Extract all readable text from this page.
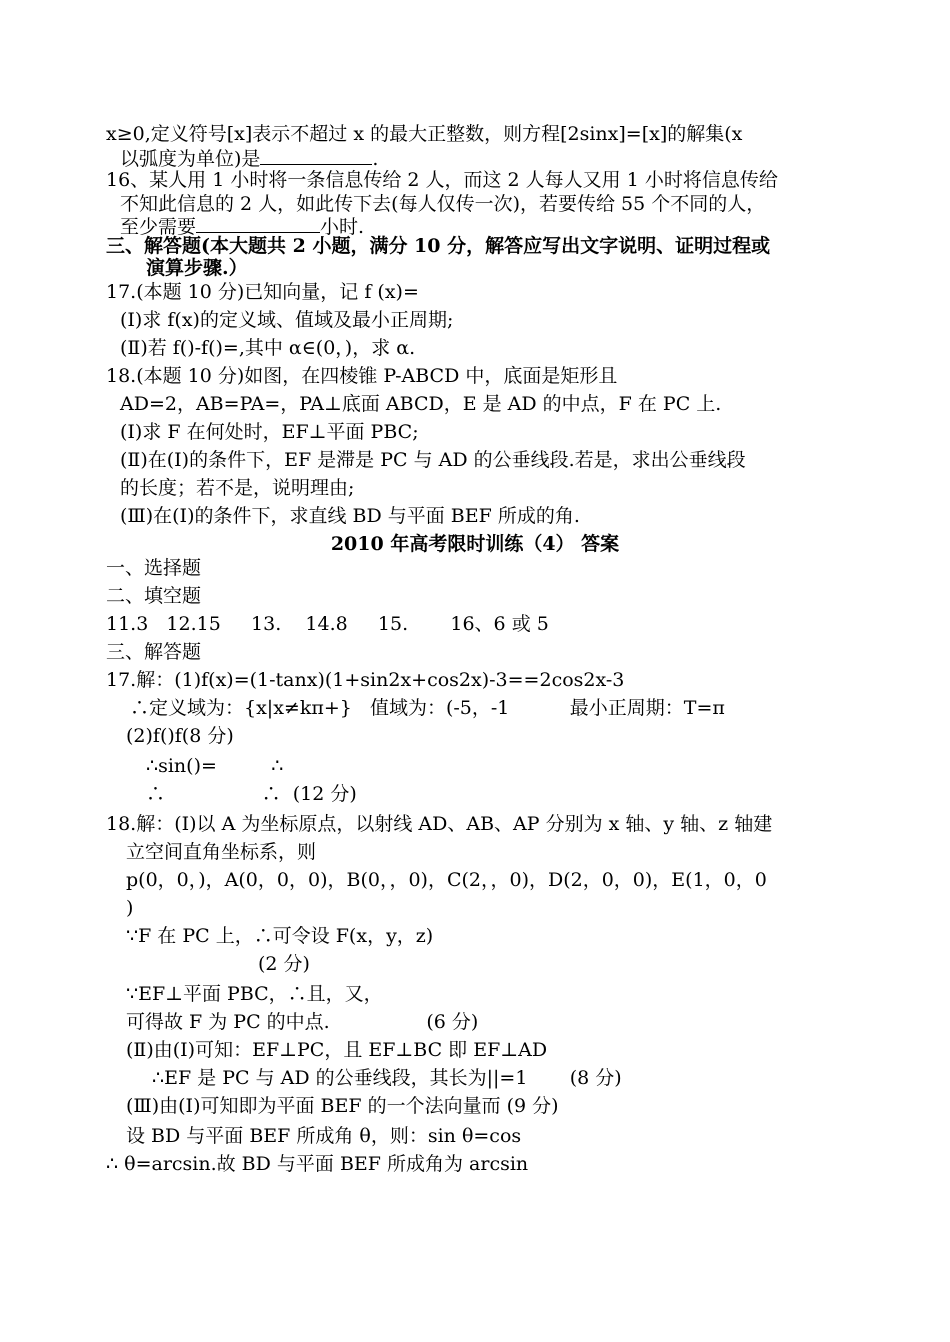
x≥0,定义符号[x]表示不超过 x 的最大正整数，则方程[2sinx]=[x]的解集(x
以弧度为单位)是	.
16、某人用 1 小时将一条信息传给 2 人，而这 2 人每人又用 1 小时将信息传给
不知此信息的 2 人，如此传下去(每人仅传一次)，若要传给 55 个不同的人，
至少需要	小时.
三、解答题(本大题共 2 小题，满分 10 分，解答应写出文字说明、证明过程或
演算步骤.）
17.(本题 10 分)已知向量，记 f (x)=
(Ⅰ)求 f(x)的定义域、值域及最小正周期;
(Ⅱ)若 f()-f()=,其中 α∈(0，)，求 α.
18.(本题 10 分)如图，在四棱锥 P-ABCD 中，底面是矩形且
AD=2，AB=PA=，PA⊥底面 ABCD，E 是 AD 的中点，F 在 PC 上.
(Ⅰ)求 F 在何处时，EF⊥平面 PBC;
(Ⅱ)在(Ⅰ)的条件下，EF 是滞是 PC 与 AD 的公垂线段.若是，求出公垂线段
的长度；若不是，说明理由;
(Ⅲ)在(Ⅰ)的条件下，求直线 BD 与平面 BEF 所成的角.
2010 年高考限时训练（4） 答案
一、选择题
二、填空题
11.3   12.15     13.    14.8     15.       16、6 或 5
三、解答题
17.解：(1)f(x)=(1-tanx)(1+sin2x+cos2x)-3==2cos2x-3
∴定义域为：{x|x≠kπ+}   值域为：(-5，-1          最小正周期：T=π
(2)f()f(8 分)
∴sin()=         ∴
∴                ∴  (12 分)
18.解：(Ⅰ)以 A 为坐标原点，以射线 AD、AB、AP 分别为 x 轴、y 轴、z 轴建
立空间直角坐标系，则
p(0，0，)，A(0，0，0)，B(0，，0)，C(2，，0)，D(2，0，0)，E(1，0，0
)
∵F 在 PC 上，∴可令设 F(x，y，z)
(2 分)
∵EF⊥平面 PBC，∴且，又，
可得故 F 为 PC 的中点.                (6 分)
(Ⅱ)由(Ⅰ)可知：EF⊥PC，且 EF⊥BC 即 EF⊥AD
∴EF 是 PC 与 AD 的公垂线段，其长为||=1       (8 分)
(Ⅲ)由(Ⅰ)可知即为平面 BEF 的一个法向量而 (9 分)
设 BD 与平面 BEF 所成角 θ，则：sin θ=cos
∴ θ=arcsin.故 BD 与平面 BEF 所成角为 arcsin
